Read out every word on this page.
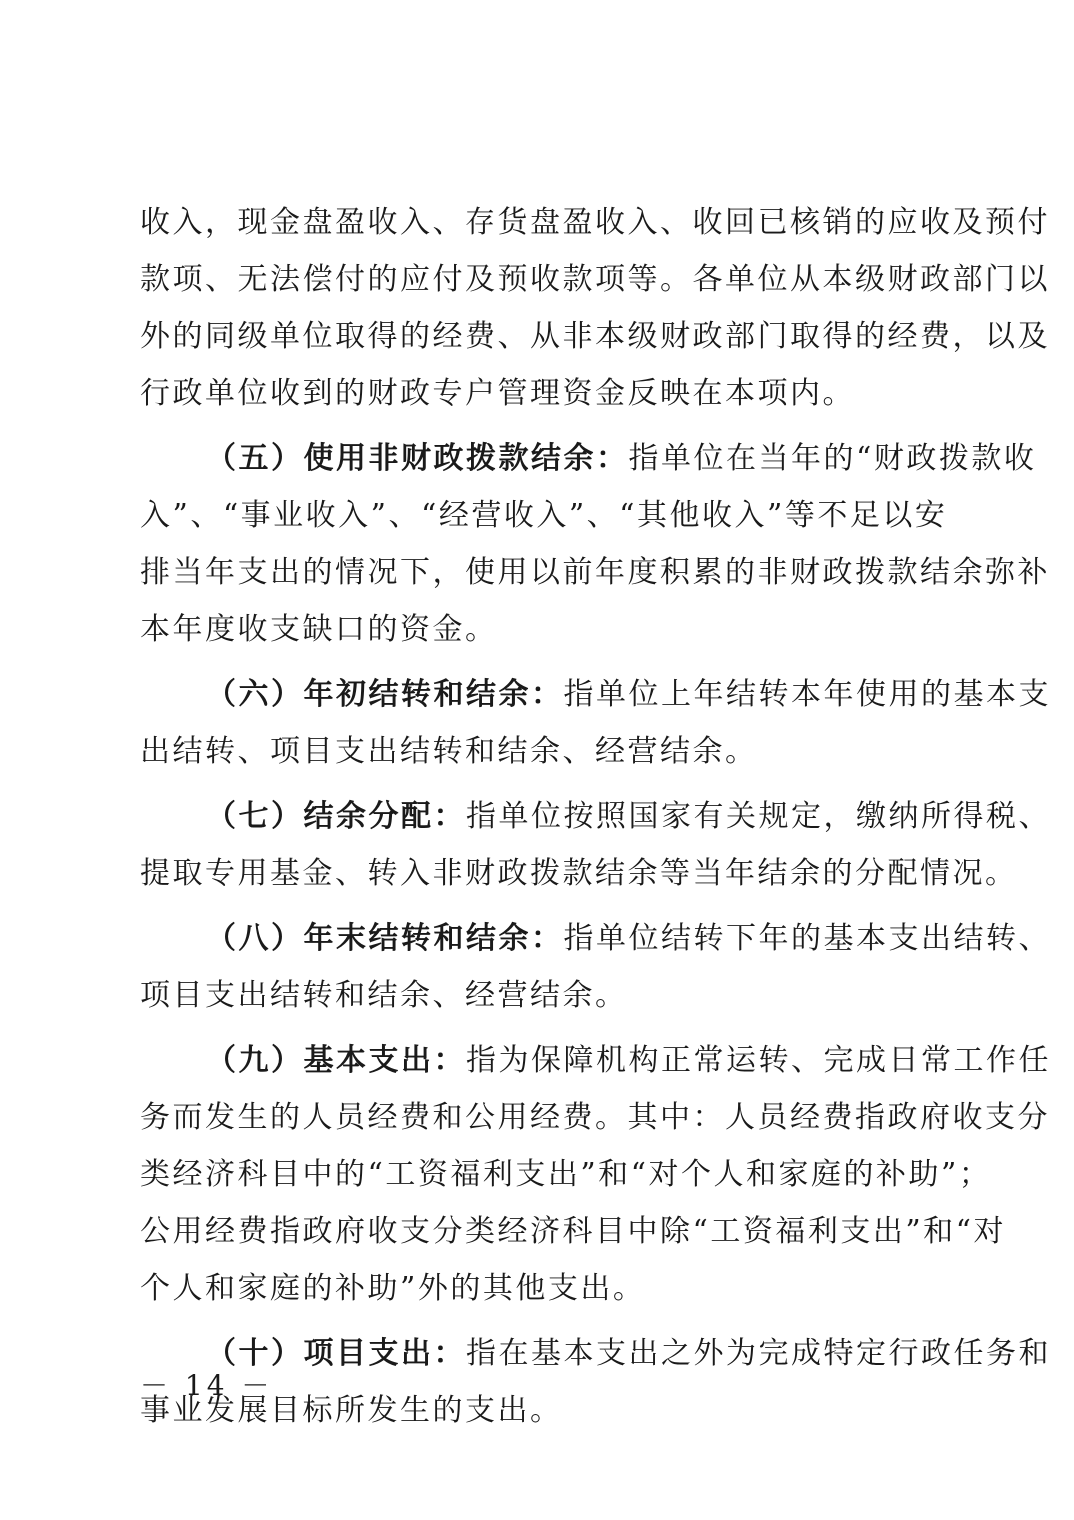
收入，现金盘盈收入、存货盘盈收入、收回已核销的应收及预付
款项、无法偿付的应付及预收款项等。各单位从本级财政部门以
外的同级单位取得的经费、从非本级财政部门取得的经费，以及
行政单位收到的财政专户管理资金反映在本项内。
（五）使用非财政拨款结余：指单位在当年的“财政拨款收
入”、“事业收入”、“经营收入”、“其他收入”等不足以安
排当年支出的情况下，使用以前年度积累的非财政拨款结余弥补
本年度收支缺口的资金。
（六）年初结转和结余：指单位上年结转本年使用的基本支
出结转、项目支出结转和结余、经营结余。
（七）结余分配：指单位按照国家有关规定，缴纳所得税、
提取专用基金、转入非财政拨款结余等当年结余的分配情况。
（八）年末结转和结余：指单位结转下年的基本支出结转、
项目支出结转和结余、经营结余。
（九）基本支出：指为保障机构正常运转、完成日常工作任
务而发生的人员经费和公用经费。其中：人员经费指政府收支分
类经济科目中的“工资福利支出”和“对个人和家庭的补助”；
公用经费指政府收支分类经济科目中除“工资福利支出”和“对
个人和家庭的补助”外的其他支出。
（十）项目支出：指在基本支出之外为完成特定行政任务和
事业发展目标所发生的支出。
－ 14 －
